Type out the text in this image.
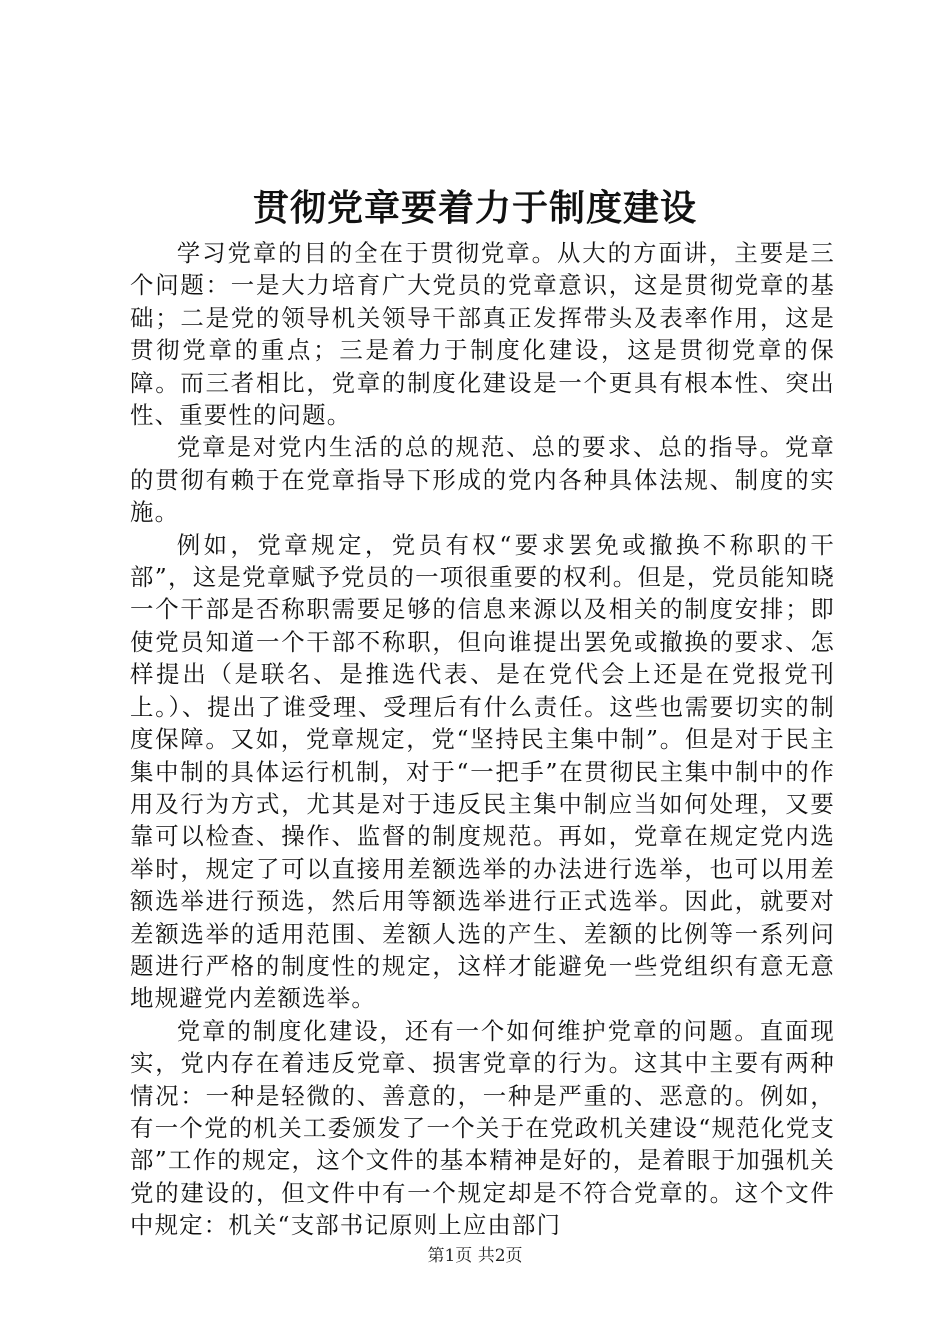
贯彻党章要着力于制度建设

学习党章的目的全在于贯彻党章。从大的方面讲，主要是三个问题：一是大力培育广大党员的党章意识，这是贯彻党章的基础；二是党的领导机关领导干部真正发挥带头及表率作用，这是贯彻党章的重点；三是着力于制度化建设，这是贯彻党章的保障。而三者相比，党章的制度化建设是一个更具有根本性、突出性、重要性的问题。

党章是对党内生活的总的规范、总的要求、总的指导。党章的贯彻有赖于在党章指导下形成的党内各种具体法规、制度的实施。

例如，党章规定，党员有权“要求罢免或撤换不称职的干部”，这是党章赋予党员的一项很重要的权利。但是，党员能知晓一个干部是否称职需要足够的信息来源以及相关的制度安排；即使党员知道一个干部不称职，但向谁提出罢免或撤换的要求、怎样提出（是联名、是推选代表、是在党代会上还是在党报党刊上。）、提出了谁受理、受理后有什么责任。这些也需要切实的制度保障。又如，党章规定，党“坚持民主集中制”。但是对于民主集中制的具体运行机制，对于“一把手”在贯彻民主集中制中的作用及行为方式，尤其是对于违反民主集中制应当如何处理，又要靠可以检查、操作、监督的制度规范。再如，党章在规定党内选举时，规定了可以直接用差额选举的办法进行选举，也可以用差额选举进行预选，然后用等额选举进行正式选举。因此，就要对差额选举的适用范围、差额人选的产生、差额的比例等一系列问题进行严格的制度性的规定，这样才能避免一些党组织有意无意地规避党内差额选举。

党章的制度化建设，还有一个如何维护党章的问题。直面现实，党内存在着违反党章、损害党章的行为。这其中主要有两种情况：一种是轻微的、善意的，一种是严重的、恶意的。例如，有一个党的机关工委颁发了一个关于在党政机关建设“规范化党支部”工作的规定，这个文件的基本精神是好的，是着眼于加强机关党的建设的，但文件中有一个规定却是不符合党章的。这个文件中规定：机关“支部书记原则上应由部门

第1页 共2页
